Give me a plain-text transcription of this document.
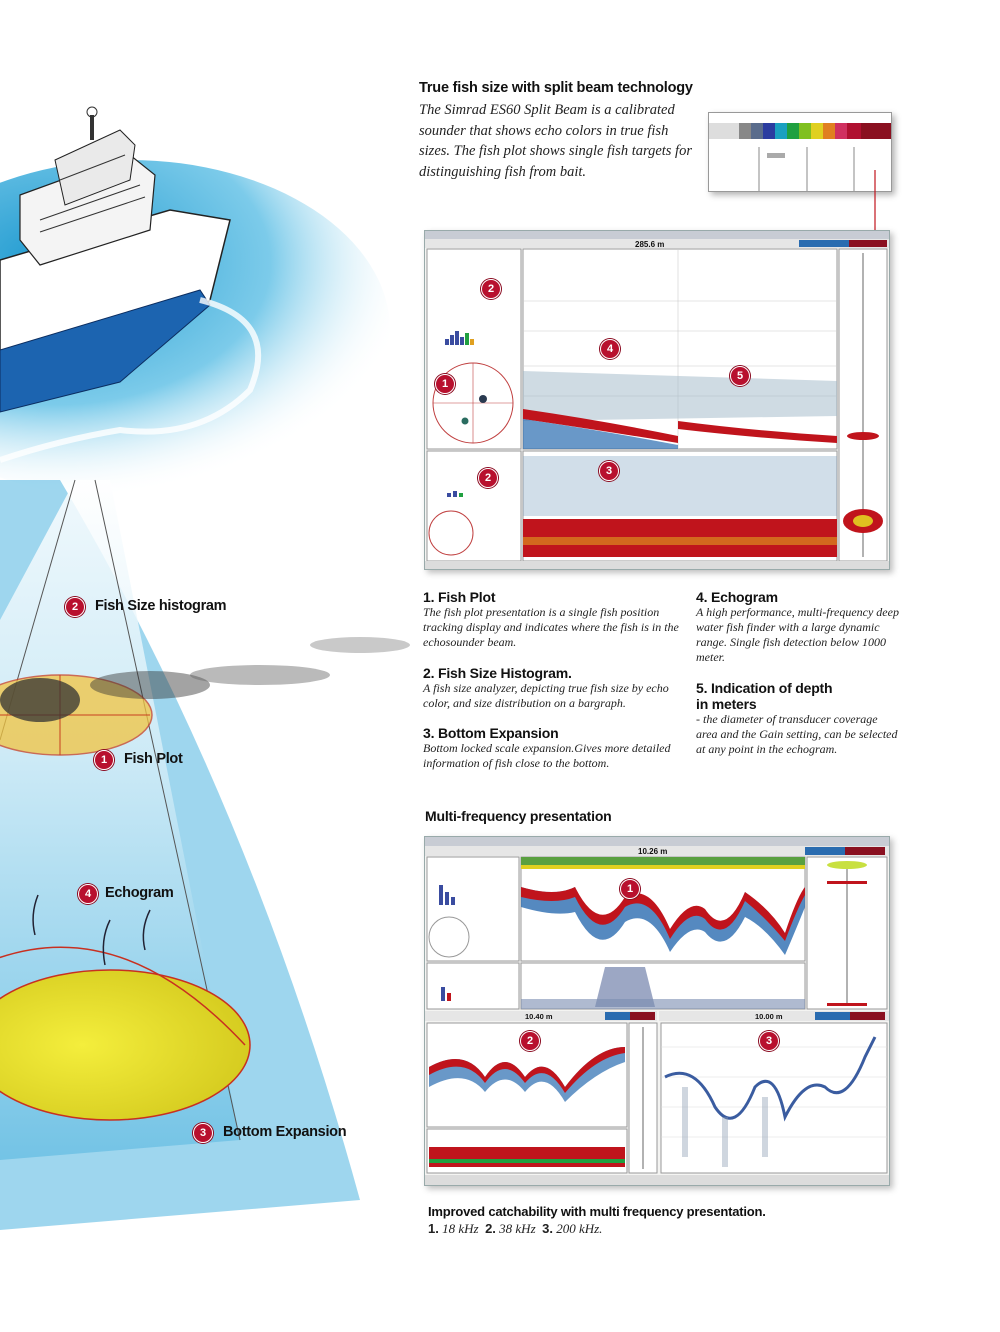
2	Fish Size histogram
1	Fish Plot
4 Echogram
3	Bottom Expansion
True fish size with split beam technology
The Simrad ES60 Split Beam is a calibrated sounder that shows echo colors in true fish sizes. The fish plot shows single fish targets for distinguishing fish from bait.
285.6 m
2
4
1
5
3
2
1. Fish Plot
The fish plot presentation is a single fish position tracking display and indicates where the fish is in the echosounder beam.
2. Fish Size Histogram.
A fish size analyzer, depicting true fish size by echo color, and size distribution on a bargraph.
3. Bottom Expansion
Bottom locked scale expansion.Gives more detailed information of fish close to the bottom.
4. Echogram
A high performance, multi-frequency deep water fish finder with a large dynamic range. Single fish detection below 1000 meter.
5. Indication of depth in meters
- the diameter of transducer coverage area and the Gain setting, can be selected at any point in the echogram.
Multi-frequency presentation
10.26 m
10.40 m	10.00 m
1
2	3
Improved catchability with multi frequency presentation.
1. 18 kHz 2. 38 kHz 3. 200 kHz.
